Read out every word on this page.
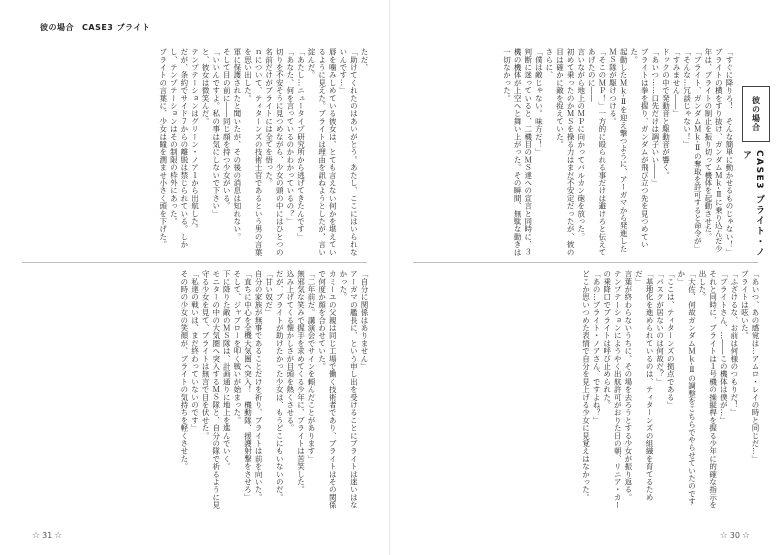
彼の場合 CASE3 ブライト

ただ、

「助けてくれたのはあいがとう。あたし、ここにはいられないんです…」

唇を噛みしめている彼女は、とても言えない何かを堪えているように見えた。ブライトは理由を訊ねようとしたが、言い淀んだ。

「あたし…ニュータイプ研究所から逃げてきたんです」

「あなた、何を言っているのかわかっているの？」

切りを不安そうに見つめながら、少女の頭の中にはひとつの名前だけがブライトには全てを悟った。

ｎについて、ティターンズの技術士官であるという男の言葉を思い出した。

軍に保護されたと聞いたが、その後の消息は知れない。

そして目の前に――同じ顔を持つ少女がいる。

「いいんですよ。私の事は気にしないで下さい」

と、彼女は微笑んだ。

テンプテーションはグリーン・ノア１から出航した。

だが、条約でサイド７からの離脱は禁じられている。しかし、テンプテーションはその制限の枠外にあった。

ブライトの言葉に、少女は瞳を潤ませ小さく頭を下げた。

「自分に関係はありません」

アーガマの艦長に、という申し出を受けることにブライトは迷いはなかった。

カミーユの父親は同じ工場で働く技術者であり、ブライトはその関係で何度か顔を合わせていた。

「二年前だ。講演会でサインを頼んだことがあります」

無邪気な笑みで握手を求めてくる少年に、ブライトは苦笑した。

込み上げてくる懐かしさが目頭を熱くさせる。

だが、ブライトが助けたかった少女は、もうどこにもいないのだ。

「甘い奴だ」

自分の家族が無事であることだけを祈り、ブライトは前を向いた。

「直ちに中心を全機大気圏へ突入！　機動隊、援護射撃をさせろ」

そして、ジャブローを叩く戦いが始まった。

下に降りた敵のＭＳ隊は、計画通りに地上を進んでいく。

モニターの中の大気圏へ突入するＭＳ隊と、自分の隊で祈るように見守る少女を見て、ブライトは無言で目を伏せた。

「私達の戦いは、まだ終わっていないのです」

その時の少女の笑顔が、ブライトの気持ちを軽くさせた。

☆ 31 ☆
彼の場合
CASE3 ブライト・ノア

「すぐに降りろ！　そんな簡単に動かせるものじゃない！」

ブライトの横をすり抜け、ガンダムＭｋ‐Ⅱに乗り込んだ少年は、ブライトの制止を振り切って機体を起動させた。

「ブライト、ガンダムＭｋ‐Ⅱの奪取を許可すると命令が」

「そんな…冗談じゃない！」

「すみません――」

ドックの中で発動音と駆動音が響く。

「あいつ……口先だけは調子いい――」

ブライトは拳を握り、ガンダムが飛び立つ先を見つめていた。

起動したＭｋ‐Ⅱを迎え撃つように、アーガマから発進したＭＳ隊が駆けつける。

「そこのＭＰ！」一方的に殴られる事だけは避けろと伝えてあげたのに――

言いながら地上のＭＰに向かってバルカン砲を放った。

初めて乗ったのかＭＳを操る力はまだ不安定だったが、彼の目は確かに敵を捉えていた。

さらに、

「僕は敵じゃない。味方だ！」

判断に迷っていると、二機目のＭＳ達への宣言と同時に、３機の機体が上空へと舞い上がった。その瞬間、無駄な動きは一切なかった。

「あいつ、あの感覚は…アムロ・レイの時と同じだ…」

ブライトは呟いた。

「ふざけるな、お前は何様のつもりだ！」

「ブライトさん、…――この機体は僕が…」

それと同時に、ブライトは１号機の操縦桿を握る少年に的確な指示を出した。

「大佐、何故ガンダムＭｋ‐Ⅱの調整をこちらでやらせていたのですか」

「ここは、ティターンズの拠点である」

「パスクが居ないのは何故だ？」

「基地化を進められているのは、ティターンズの組織を育てるためだ」

言葉が終わらないうちに、その場を去ろうとする少女が振り返る。

テンプテーションにようやく出航許可がおりた日の朝、リニア・カーの乗降口でブライトは呼び止められた。

「あの…ブライト・ノアさん、ですよね？」

どこか思いつめた表情で自分を見上げる少女に見覚えはなかった。

☆ 30 ☆
